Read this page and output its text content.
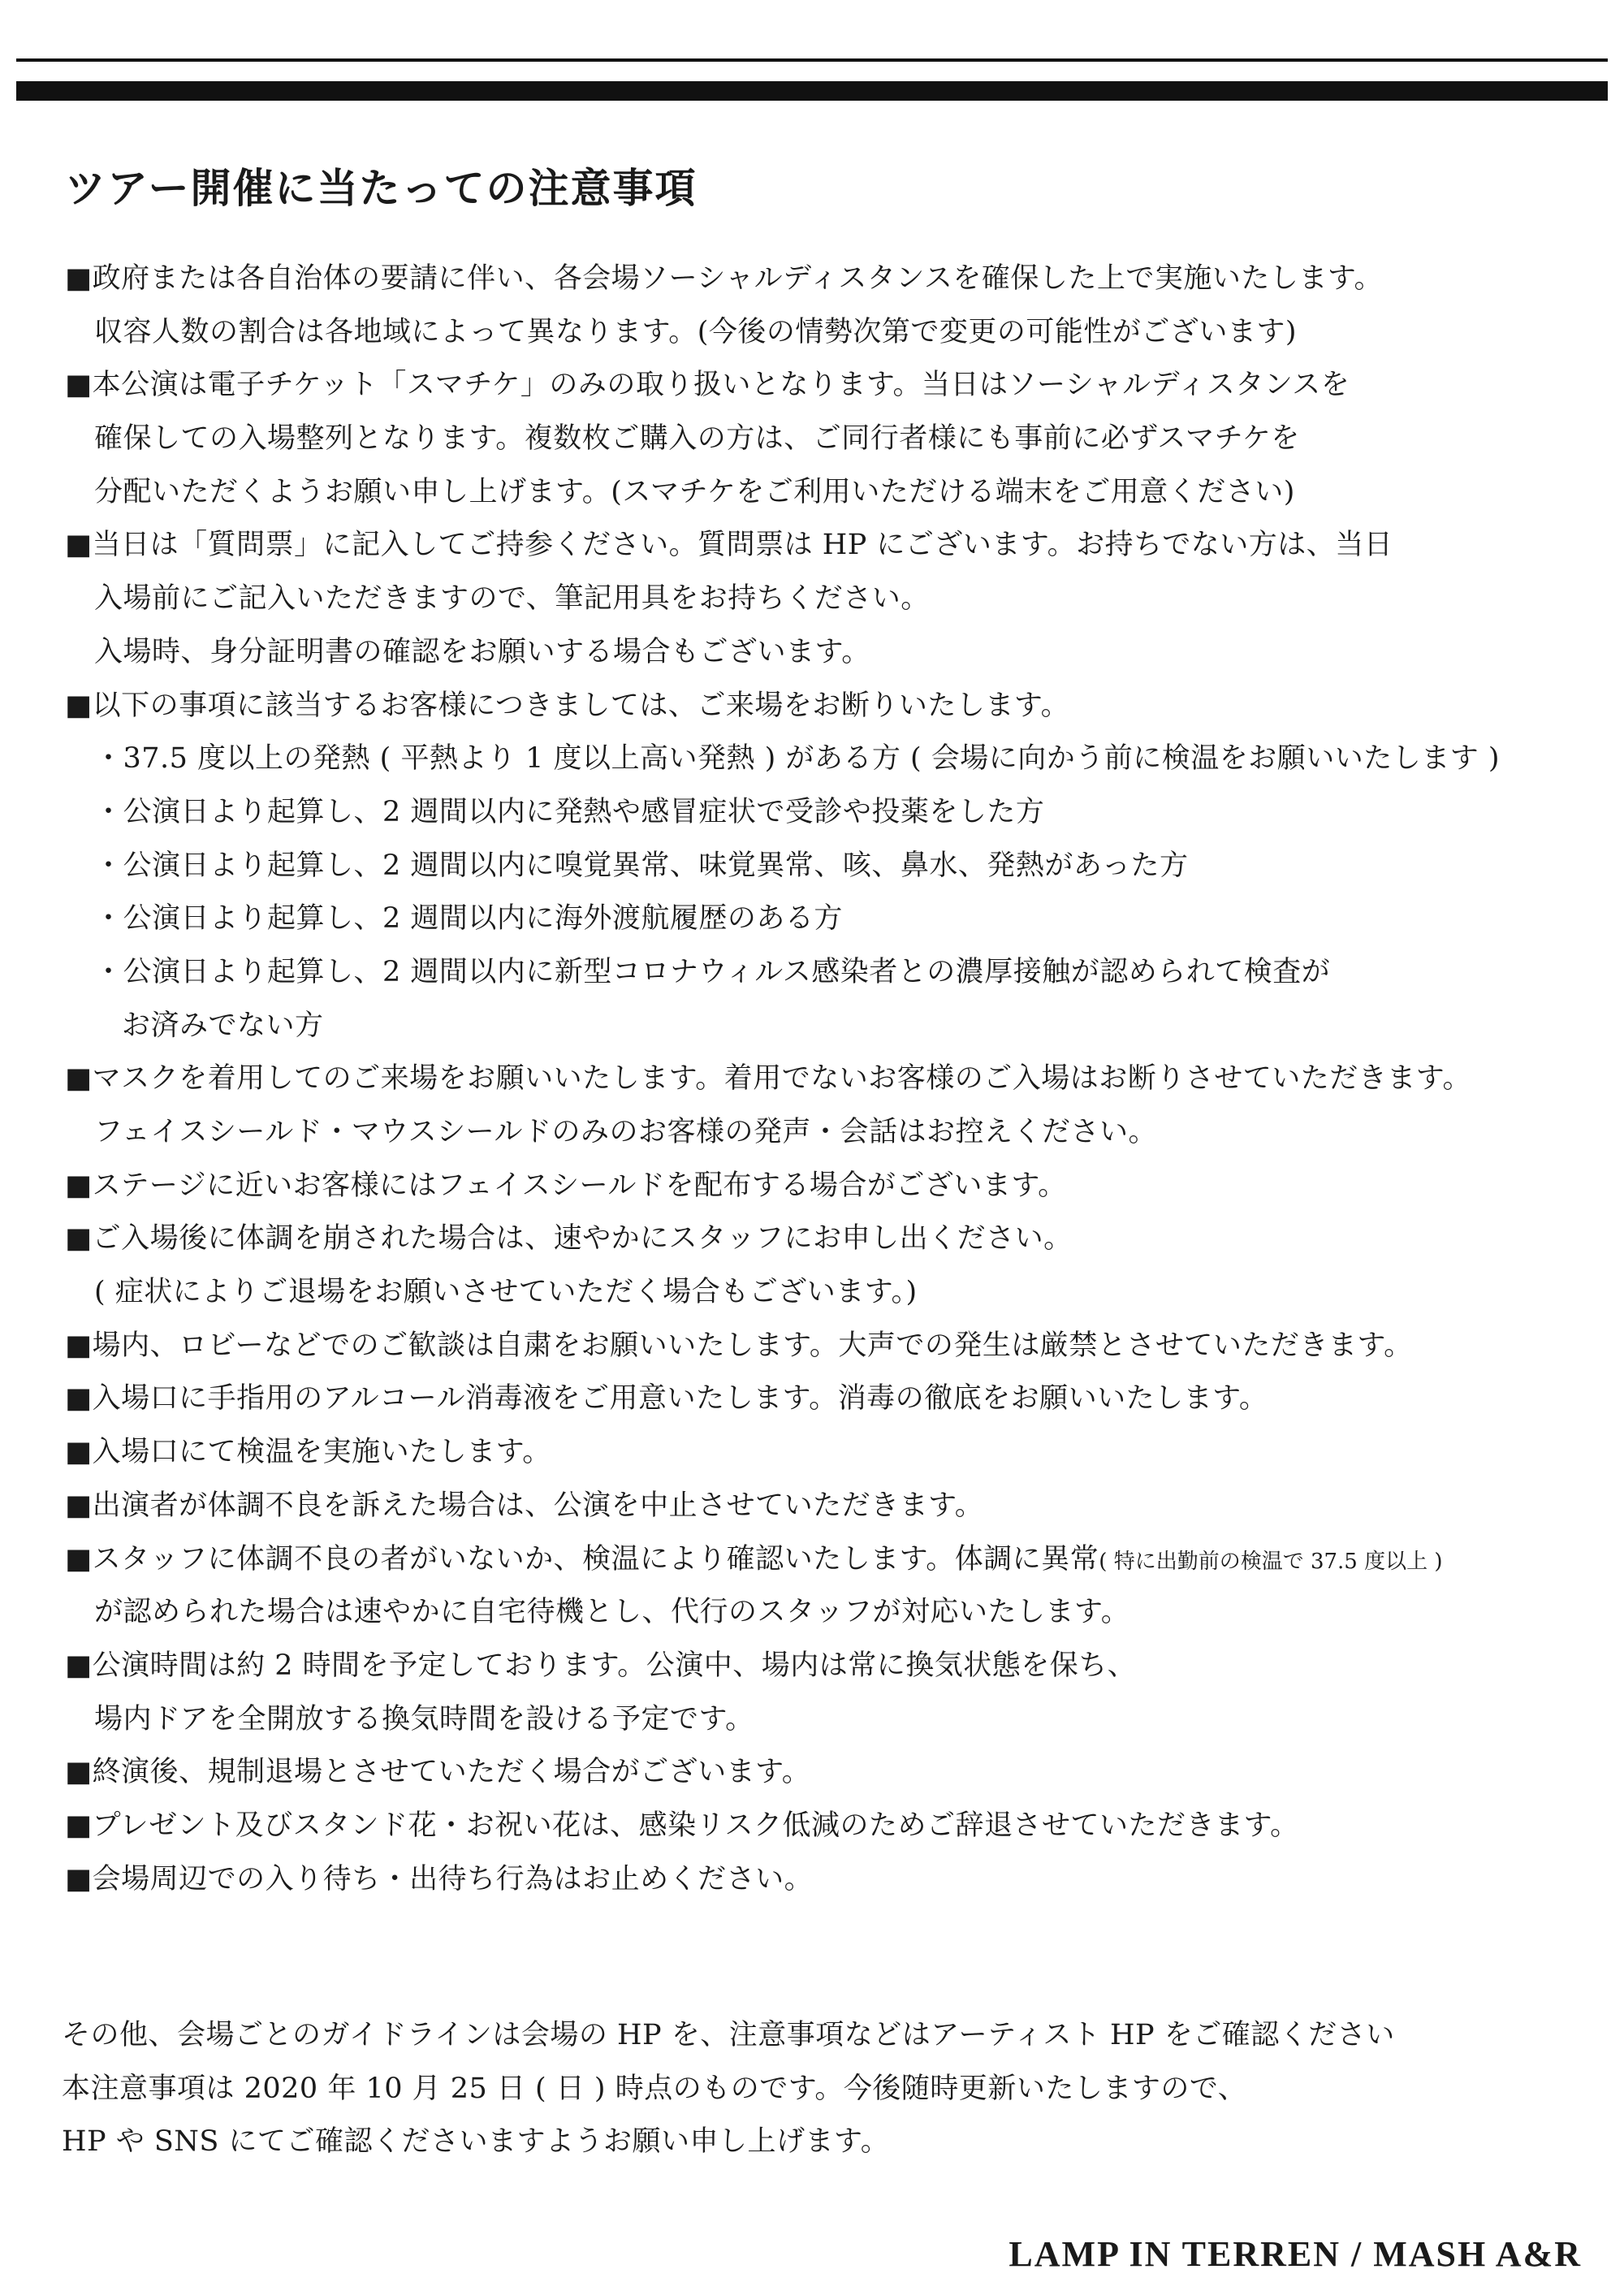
ツアー開催に当たっての注意事項
■政府または各自治体の要請に伴い、各会場ソーシャルディスタンスを確保した上で実施いたします。
収容人数の割合は各地域によって異なります。(今後の情勢次第で変更の可能性がございます)
■本公演は電子チケット「スマチケ」のみの取り扱いとなります。当日はソーシャルディスタンスを
確保しての入場整列となります。複数枚ご購入の方は、ご同行者様にも事前に必ずスマチケを
分配いただくようお願い申し上げます。(スマチケをご利用いただける端末をご用意ください)
■当日は「質問票」に記入してご持参ください。質問票は HP にございます。お持ちでない方は、当日
入場前にご記入いただきますので、筆記用具をお持ちください。
入場時、身分証明書の確認をお願いする場合もございます。
■以下の事項に該当するお客様につきましては、ご来場をお断りいたします。
・37.5 度以上の発熱 ( 平熱より 1 度以上高い発熱 ) がある方 ( 会場に向かう前に検温をお願いいたします )
・公演日より起算し、2 週間以内に発熱や感冒症状で受診や投薬をした方
・公演日より起算し、2 週間以内に嗅覚異常、味覚異常、咳、鼻水、発熱があった方
・公演日より起算し、2 週間以内に海外渡航履歴のある方
・公演日より起算し、2 週間以内に新型コロナウィルス感染者との濃厚接触が認められて検査が
お済みでない方
■マスクを着用してのご来場をお願いいたします。着用でないお客様のご入場はお断りさせていただきます。
フェイスシールド・マウスシールドのみのお客様の発声・会話はお控えください。
■ステージに近いお客様にはフェイスシールドを配布する場合がございます。
■ご入場後に体調を崩された場合は、速やかにスタッフにお申し出ください。
( 症状によりご退場をお願いさせていただく場合もございます。)
■場内、ロビーなどでのご歓談は自粛をお願いいたします。大声での発生は厳禁とさせていただきます。
■入場口に手指用のアルコール消毒液をご用意いたします。消毒の徹底をお願いいたします。
■入場口にて検温を実施いたします。
■出演者が体調不良を訴えた場合は、公演を中止させていただきます。
■スタッフに体調不良の者がいないか、検温により確認いたします。体調に異常( 特に出勤前の検温で 37.5 度以上 )
が認められた場合は速やかに自宅待機とし、代行のスタッフが対応いたします。
■公演時間は約 2 時間を予定しております。公演中、場内は常に換気状態を保ち、
場内ドアを全開放する換気時間を設ける予定です。
■終演後、規制退場とさせていただく場合がございます。
■プレゼント及びスタンド花・お祝い花は、感染リスク低減のためご辞退させていただきます。
■会場周辺での入り待ち・出待ち行為はお止めください。
その他、会場ごとのガイドラインは会場の HP を、注意事項などはアーティスト HP をご確認ください
本注意事項は 2020 年 10 月 25 日 ( 日 ) 時点のものです。今後随時更新いたしますので、
HP や SNS にてご確認くださいますようお願い申し上げます。
LAMP IN TERREN / MASH A&R
